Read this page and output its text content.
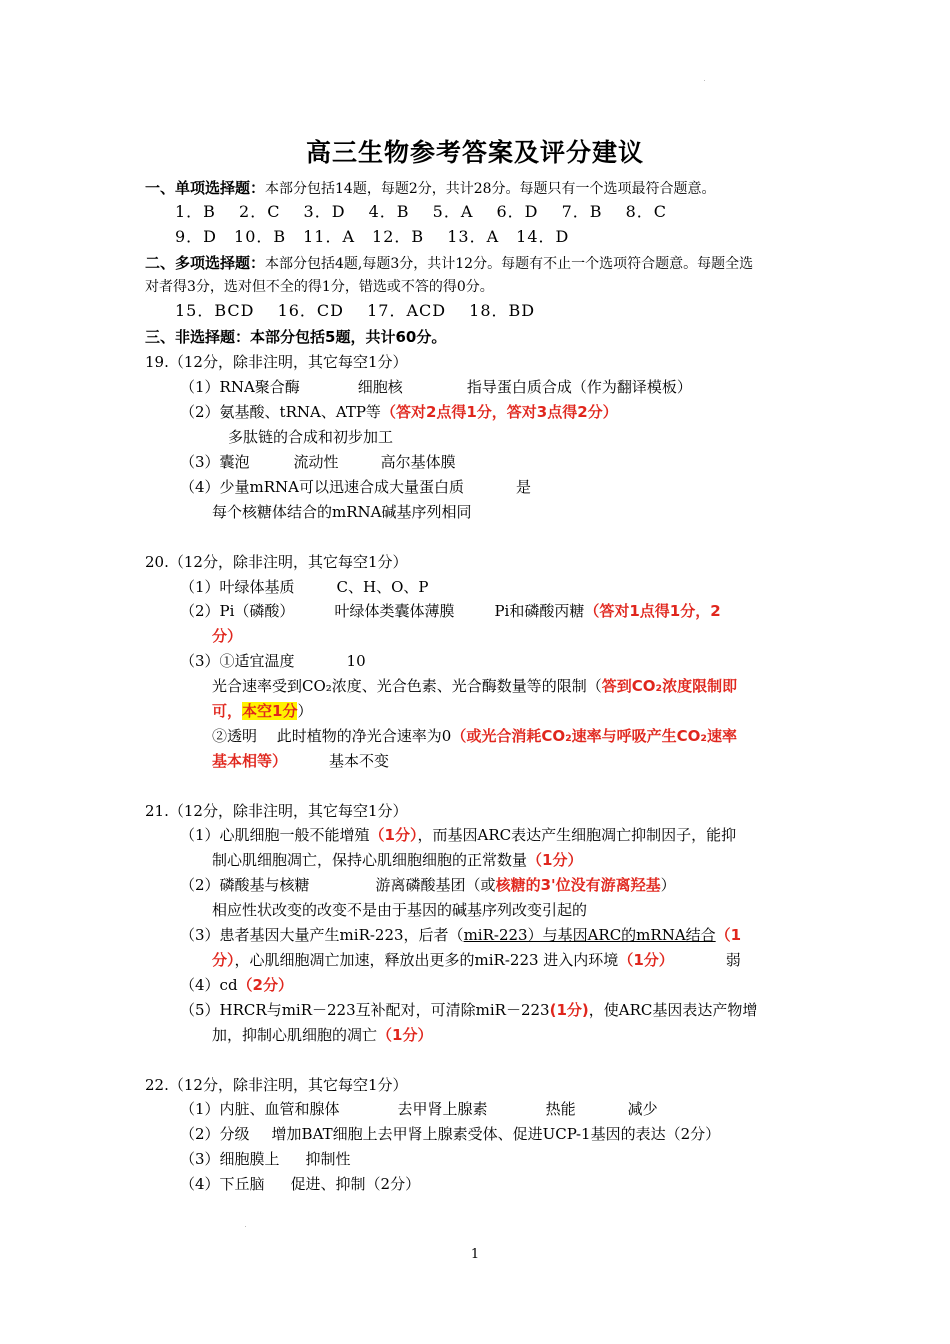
高三生物参考答案及评分建议
一、单项选择题：本部分包括14题，每题2分，共计28分。每题只有一个选项最符合题意。
1．B　 2．C　 3．D　 4．B　 5．A　 6．D　 7．B　 8．C
9．D　10．B　11．A　12．B　 13．A　14．D
二、多项选择题：本部分包括4题,每题3分，共计12分。每题有不止一个选项符合题意。每题全选
对者得3分，选对但不全的得1分，错选或不答的得0分。
15．BCD　 16．CD　 17．ACD　 18．BD
三、非选择题：本部分包括5题，共计60分。
19.（12分，除非注明，其它每空1分）
（1）RNA聚合酶	细胞核	指导蛋白质合成（作为翻译模板）
（2）氨基酸、tRNA、ATP等（答对2点得1分，答对3点得2分）
多肽链的合成和初步加工
（3）囊泡	流动性	高尔基体膜
（4）少量mRNA可以迅速合成大量蛋白质	是
每个核糖体结合的mRNA碱基序列相同
20.（12分，除非注明，其它每空1分）
（1）叶绿体基质	C、H、O、P
（2）Pi（磷酸）	叶绿体类囊体薄膜	Pi和磷酸丙糖（答对1点得1分，2
分）
（3）①适宜温度	10
光合速率受到CO₂浓度、光合色素、光合酶数量等的限制（答到CO₂浓度限制即
可，本空1分）
②透明　 此时植物的净光合速率为0（或光合消耗CO₂速率与呼吸产生CO₂速率
基本相等）	基本不变
21.（12分，除非注明，其它每空1分）
（1）心肌细胞一般不能增殖（1分），而基因ARC表达产生细胞凋亡抑制因子，能抑
制心肌细胞凋亡，保持心肌细胞细胞的正常数量（1分）
（2）磷酸基与核糖	游离磷酸基团（或核糖的3'位没有游离羟基）
相应性状改变的改变不是由于基因的碱基序列改变引起的
（3）患者基因大量产生miR-223，后者（miR-223）与基因ARC的mRNA结合（1
分），心肌细胞凋亡加速，释放出更多的miR-223 进入内环境（1分）	弱
（4）cd（2分）
（5）HRCR与miR－223互补配对，可清除miR－223(1分)，使ARC基因表达产物增
加，抑制心肌细胞的凋亡（1分）
22.（12分，除非注明，其它每空1分）
（1）内脏、血管和腺体	去甲肾上腺素	热能	减少
（2）分级 增加BAT细胞上去甲肾上腺素受体、促进UCP-1基因的表达（2分）
（3）细胞膜上 抑制性
（4）下丘脑 促进、抑制（2分）
1
